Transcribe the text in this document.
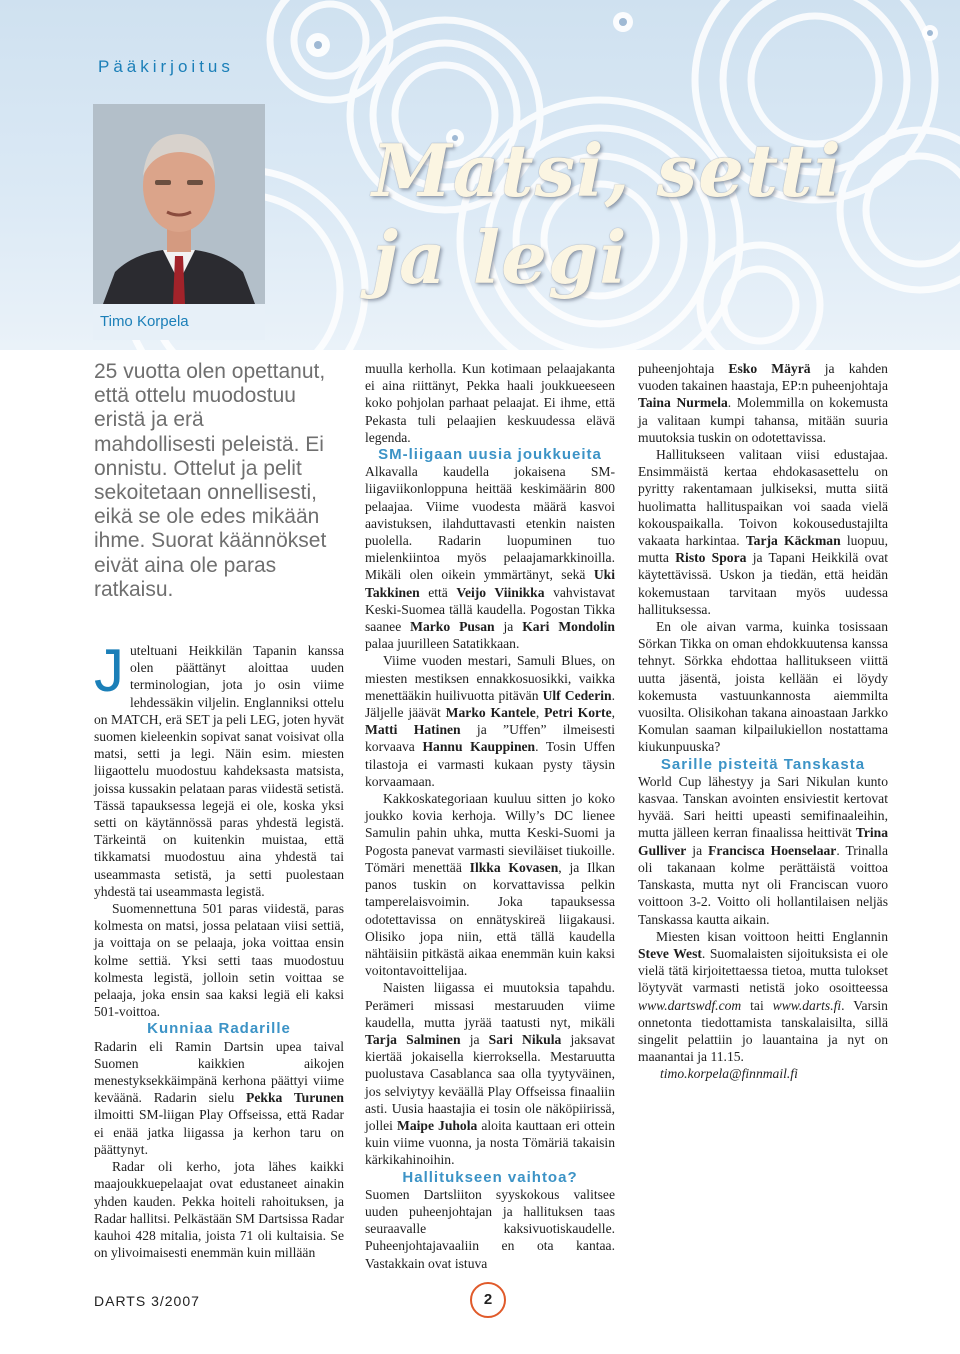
Pääkirjoitus
Timo Korpela
Matsi, setti
ja legi
25 vuotta olen opettanut, että ottelu muodostuu eristä ja erä mahdollisesti peleistä. Ei onnistu. Ottelut ja pelit sekoitetaan onnellisesti, eikä se ole edes mikään ihme. Suorat käännökset eivät aina ole paras ratkaisu.

Juteltuani Heikkilän Tapanin kanssa olen päättänyt aloittaa uuden terminologian, jota jo osin viime lehdessäkin viljelin. Englanniksi ottelu on MATCH, erä SET ja peli LEG, joten hyvät suomen kieleenkin sopivat sanat voisivat olla matsi, setti ja legi. Näin esim. miesten liigaottelu muodostuu kahdeksasta matsista, joissa kussakin pelataan paras viidestä setistä. Tässä tapauksessa legejä ei ole, koska yksi setti on käytännössä paras yhdestä legistä. Tärkeintä on kuitenkin muistaa, että tikkamatsi muodostuu aina yhdestä tai useammasta setistä, ja setti puolestaan yhdestä tai useammasta legistä.

Suomennettuna 501 paras viidestä, paras kolmesta on matsi, jossa pelataan viisi settiä, ja voittaja on se pelaaja, joka voittaa ensin kolme settiä. Yksi setti taas muodostuu kolmesta legistä, jolloin setin voittaa se pelaaja, joka ensin saa kaksi legiä eli kaksi 501-voittoa.

Kunniaa Radarille

Radarin eli Ramin Dartsin upea taival Suomen kaikkien aikojen menestyksekkäimpänä kerhona päättyi viime keväänä. Radarin sielu Pekka Turunen ilmoitti SM-liigan Play Offseissa, että Radar ei enää jatka liigassa ja kerhon taru on päättynyt.

Radar oli kerho, jota lähes kaikki maajoukkuepelaajat ovat edustaneet ainakin yhden kauden. Pekka hoiteli rahoituksen, ja Radar hallitsi. Pelkästään SM Dartsissa Radar kauhoi 428 mitalia, joista 71 oli kultaisia. Se on ylivoimaisesti enemmän kuin millään

muulla kerholla. Kun kotimaan pelaajakanta ei aina riittänyt, Pekka haali joukkueeseen koko pohjolan parhaat pelaajat. Ei ihme, että Pekasta tuli pelaajien keskuudessa elävä legenda.

SM-liigaan uusia joukkueita

Alkavalla kaudella jokaisena SM-liigaviikonloppuna heittää keskimäärin 800 pelaajaa. Viime vuodesta määrä kasvoi aavistuksen, ilahduttavasti etenkin naisten puolella. Radarin luopuminen tuo mielenkiintoa myös pelaajamarkkinoilla. Mikäli olen oikein ymmärtänyt, sekä Uki Takkinen että Veijo Viinikka vahvistavat Keski-Suomea tällä kaudella. Pogostan Tikka saanee Marko Pusan ja Kari Mondolin palaa juurilleen Satatikkaan.

Viime vuoden mestari, Samuli Blues, on miesten mestiksen ennakkosuosikki, vaikka menettääkin huilivuotta pitävän Ulf Cederin. Jäljelle jäävät Marko Kantele, Petri Korte, Matti Hatinen ja ”Uffen” ilmeisesti korvaava Hannu Kauppinen. Tosin Uffen tilastoja ei varmasti kukaan pysty täysin korvaamaan.

Kakkoskategoriaan kuuluu sitten jo koko joukko kovia kerhoja. Willy’s DC lienee Samulin pahin uhka, mutta Keski-Suomi ja Pogosta panevat varmasti sieviläiset tiukoille. Tömäri menettää Ilkka Kovasen, ja Ilkan panos tuskin on korvattavissa pelkin tamperelaisvoimin. Joka tapauksessa odotettavissa on ennätyskireä liigakausi. Olisiko jopa niin, että tällä kaudella nähtäisiin pitkästä aikaa enemmän kuin kaksi voitontavoittelijaa.

Naisten liigassa ei muutoksia tapahdu. Perämeri missasi mestaruuden viime kaudella, mutta jyrää taatusti nyt, mikäli Tarja Salminen ja Sari Nikula jaksavat kiertää jokaisella kierroksella. Mestaruutta puolustava Casablanca saa olla tyytyväinen, jos selviytyy keväällä Play Offseissa finaaliin asti. Uusia haastajia ei tosin ole näköpiirissä, jollei Maipe Juhola aloita kauttaan eri ottein kuin viime vuonna, ja nosta Tömäriä takaisin kärkikahinoihin.

Hallitukseen vaihtoa?

Suomen Dartsliiton syyskokous valitsee uuden puheenjohtajan ja hallituksen taas seuraavalle kaksivuotiskaudelle. Puheenjohtajavaaliin en ota kantaa. Vastakkain ovat istuva

puheenjohtaja Esko Mäyrä ja kahden vuoden takainen haastaja, EP:n puheenjohtaja Taina Nurmela. Molemmilla on kokemusta ja valitaan kumpi tahansa, mitään suuria muutoksia tuskin on odotettavissa.

Hallitukseen valitaan viisi edustajaa. Ensimmäistä kertaa ehdokasasettelu on pyritty rakentamaan julkiseksi, mutta siitä huolimatta hallituspaikan voi saada vielä kokouspaikalla. Toivon kokousedustajilta vakaata harkintaa. Tarja Käckman luopuu, mutta Risto Spora ja Tapani Heikkilä ovat käytettävissä. Uskon ja tiedän, että heidän kokemustaan tarvitaan myös uudessa hallituksessa.

En ole aivan varma, kuinka tosissaan Sörkan Tikka on oman ehdokkuutensa kanssa tehnyt. Sörkka ehdottaa hallitukseen viittä uutta jäsentä, joista kellään ei löydy kokemusta vastuunkannosta aiemmilta vuosilta. Olisikohan takana ainoastaan Jarkko Komulan saaman kilpailukiellon nostattama kiukunpuuska?

Sarille pisteitä Tanskasta

World Cup lähestyy ja Sari Nikulan kunto kasvaa. Tanskan avointen ensiviestit kertovat hyvää. Sari heitti upeasti semifinaaleihin, mutta jälleen kerran finaalissa heittivät Trina Gulliver ja Francisca Hoenselaar. Trinalla oli takanaan kolme perättäistä voittoa Tanskasta, mutta nyt oli Franciscan vuoro voittoon 3-2. Voitto oli hollantilaisen neljäs Tanskassa kautta aikain.

Miesten kisan voittoon heitti Englannin Steve West. Suomalaisten sijoituksista ei ole vielä tätä kirjoitettaessa tietoa, mutta tulokset löytyvät varmasti netistä joko osoitteessa www.dartswdf.com tai www.darts.fi. Varsin onnetonta tiedottamista tanskalaisilta, sillä singelit pelattiin jo lauantaina ja nyt on maanantai ja 11.15.

timo.korpela@finnmail.fi

DARTS 3/2007	2
